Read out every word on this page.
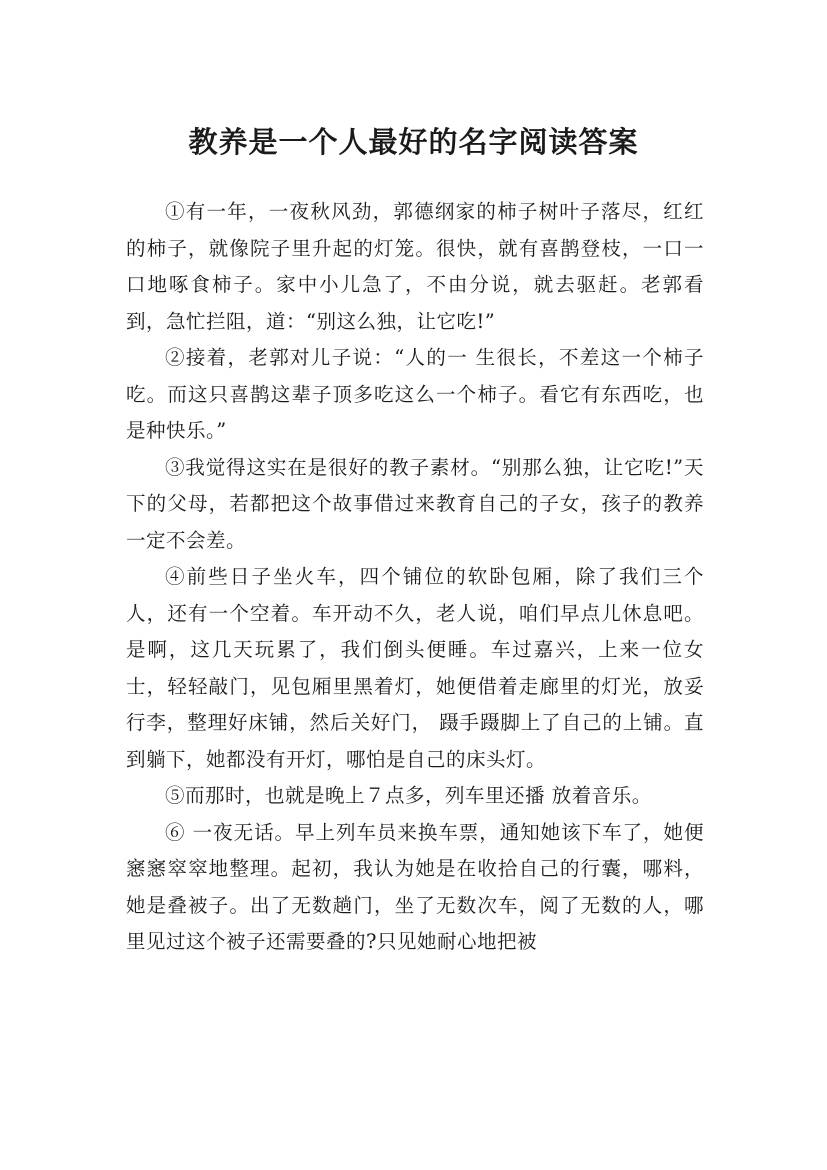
教养是一个人最好的名字阅读答案

①有一年，一夜秋风劲，郭德纲家的柿子树叶子落尽，红红的柿子，就像院子里升起的灯笼。很快，就有喜鹊登枝，一口一口地啄食柿子。家中小儿急了，不由分说，就去驱赶。老郭看到，急忙拦阻，道：“别这么独，让它吃!”

②接着，老郭对儿子说：“人的一 生很长，不差这一个柿子吃。而这只喜鹊这辈子顶多吃这么一个柿子。看它有东西吃，也是种快乐。”

③我觉得这实在是很好的教子素材。“别那么独，让它吃!”天下的父母，若都把这个故事借过来教育自己的子女，孩子的教养一定不会差。

④前些日子坐火车，四个铺位的软卧包厢，除了我们三个人，还有一个空着。车开动不久，老人说，咱们早点儿休息吧。是啊，这几天玩累了，我们倒头便睡。车过嘉兴，上来一位女士，轻轻敲门，见包厢里黑着灯，她便借着走廊里的灯光，放妥行李，整理好床铺，然后关好门， 蹑手蹑脚上了自己的上铺。直到躺下，她都没有开灯，哪怕是自己的床头灯。

⑤而那时，也就是晚上７点多，列车里还播 放着音乐。

⑥ 一夜无话。早上列车员来换车票，通知她该下车了，她便窸窸窣窣地整理。起初，我认为她是在收拾自己的行囊，哪料，她是叠被子。出了无数趟门，坐了无数次车，阅了无数的人，哪里见过这个被子还需要叠的?只见她耐心地把被
